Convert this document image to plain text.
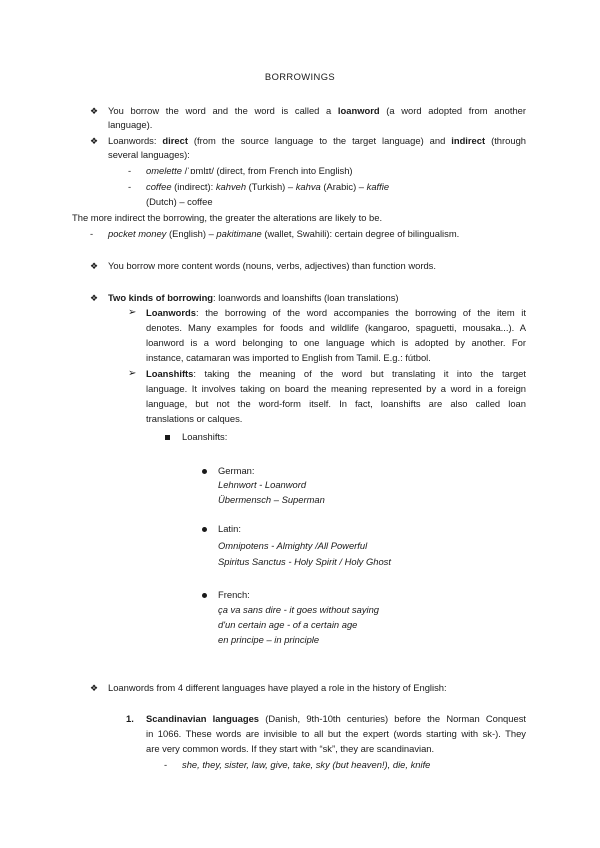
BORROWINGS
❖ You borrow the word and the word is called a loanword (a word adopted from another
language).
❖ Loanwords: direct (from the source language to the target language) and indirect (through
several languages):
- omelette /ˈɒmlɪt/ (direct, from French into English)
- coffee (indirect): kahveh (Turkish) – kahva (Arabic) – kaffie
(Dutch) – coffee
The more indirect the borrowing, the greater the alterations are likely to be.
- pocket money (English) – pakitimane (wallet, Swahili): certain degree of bilingualism.
❖ You borrow more content words (nouns, verbs, adjectives) than function words.
❖ Two kinds of borrowing: loanwords and loanshifts (loan translations)
➢ Loanwords: the borrowing of the word accompanies the borrowing of the item it
denotes. Many examples for foods and wildlife (kangaroo, spaguetti, mousaka...). A
loanword is a word belonging to one language which is adopted by another. For
instance, catamaran was imported to English from Tamil. E.g.: fútbol.
➢ Loanshifts: taking the meaning of the word but translating it into the target
language. It involves taking on board the meaning represented by a word in a foreign
language, but not the word-form itself. In fact, loanshifts are also called loan
translations or calques.
Loanshifts:
German:
Lehnwort - Loanword
Übermensch – Superman
Latin:
Omnipotens - Almighty /All Powerful
Spiritus Sanctus - Holy Spirit / Holy Ghost
French:
ça va sans dire - it goes without saying
d'un certain age - of a certain age
en principe – in principle
❖ Loanwords from 4 different languages have played a role in the history of English:
1. Scandinavian languages (Danish, 9th-10th centuries) before the Norman Conquest
in 1066. These words are invisible to all but the expert (words starting with sk-). They
are very common words. If they start with “sk”, they are scandinavian.
- she, they, sister, law, give, take, sky (but heaven!), die, knife
